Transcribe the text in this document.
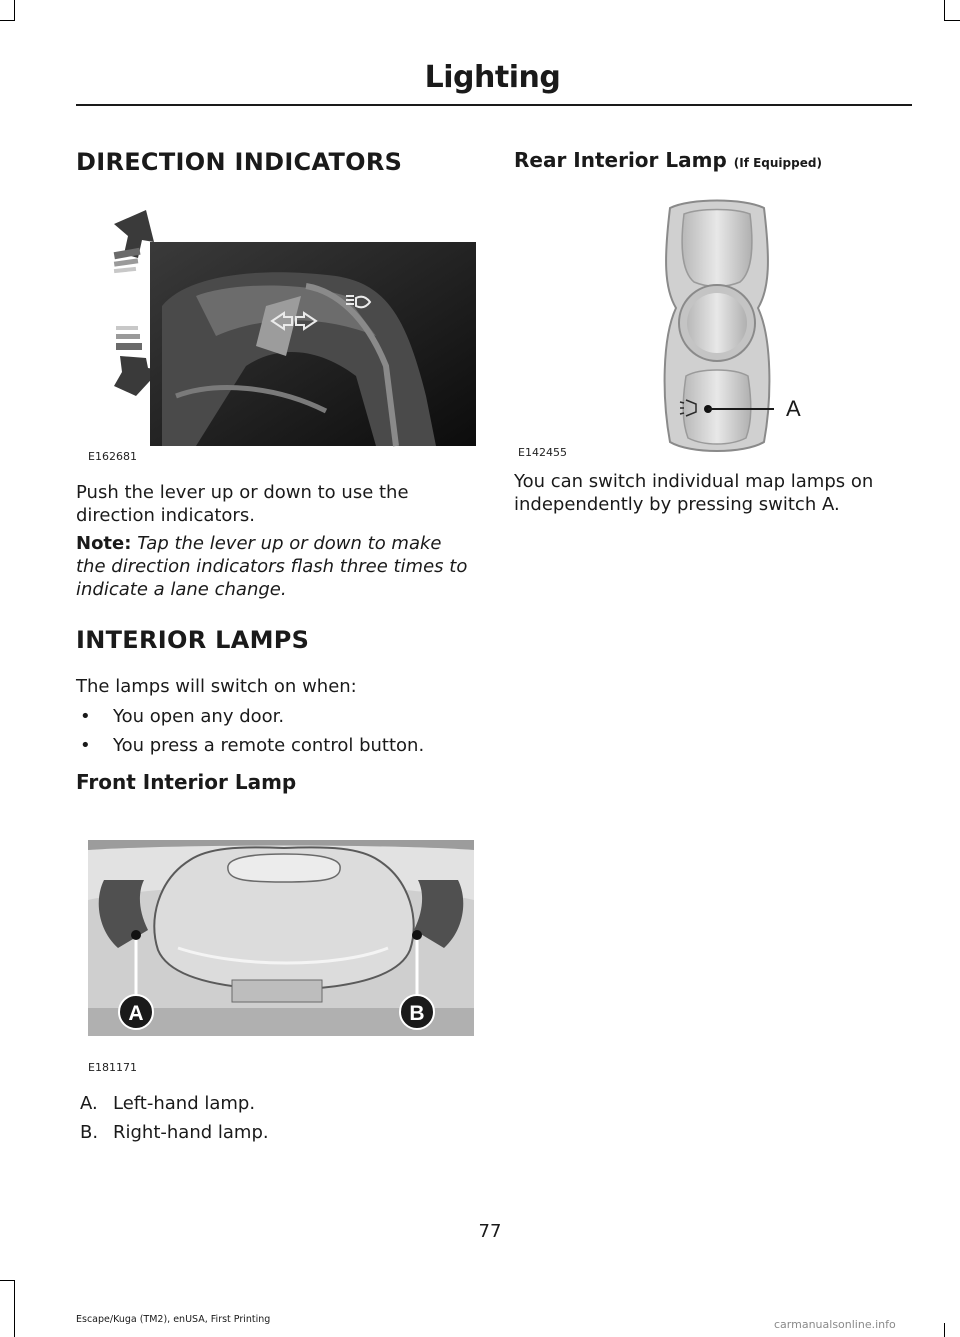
Lighting
DIRECTION INDICATORS
E162681
Push the lever up or down to use the direction indicators.
Note: Tap the lever up or down to make the direction indicators flash three times to indicate a lane change.
INTERIOR LAMPS
The lamps will switch on when:
• You open any door.
• You press a remote control button.
Front Interior Lamp
A	B
E181171
A. Left-hand lamp.
B. Right-hand lamp.
Rear Interior Lamp (If Equipped)
A
E142455
You can switch individual map lamps on independently by pressing switch A.
77
Escape/Kuga (TM2), enUSA, First Printing	carmanualsonline.info
